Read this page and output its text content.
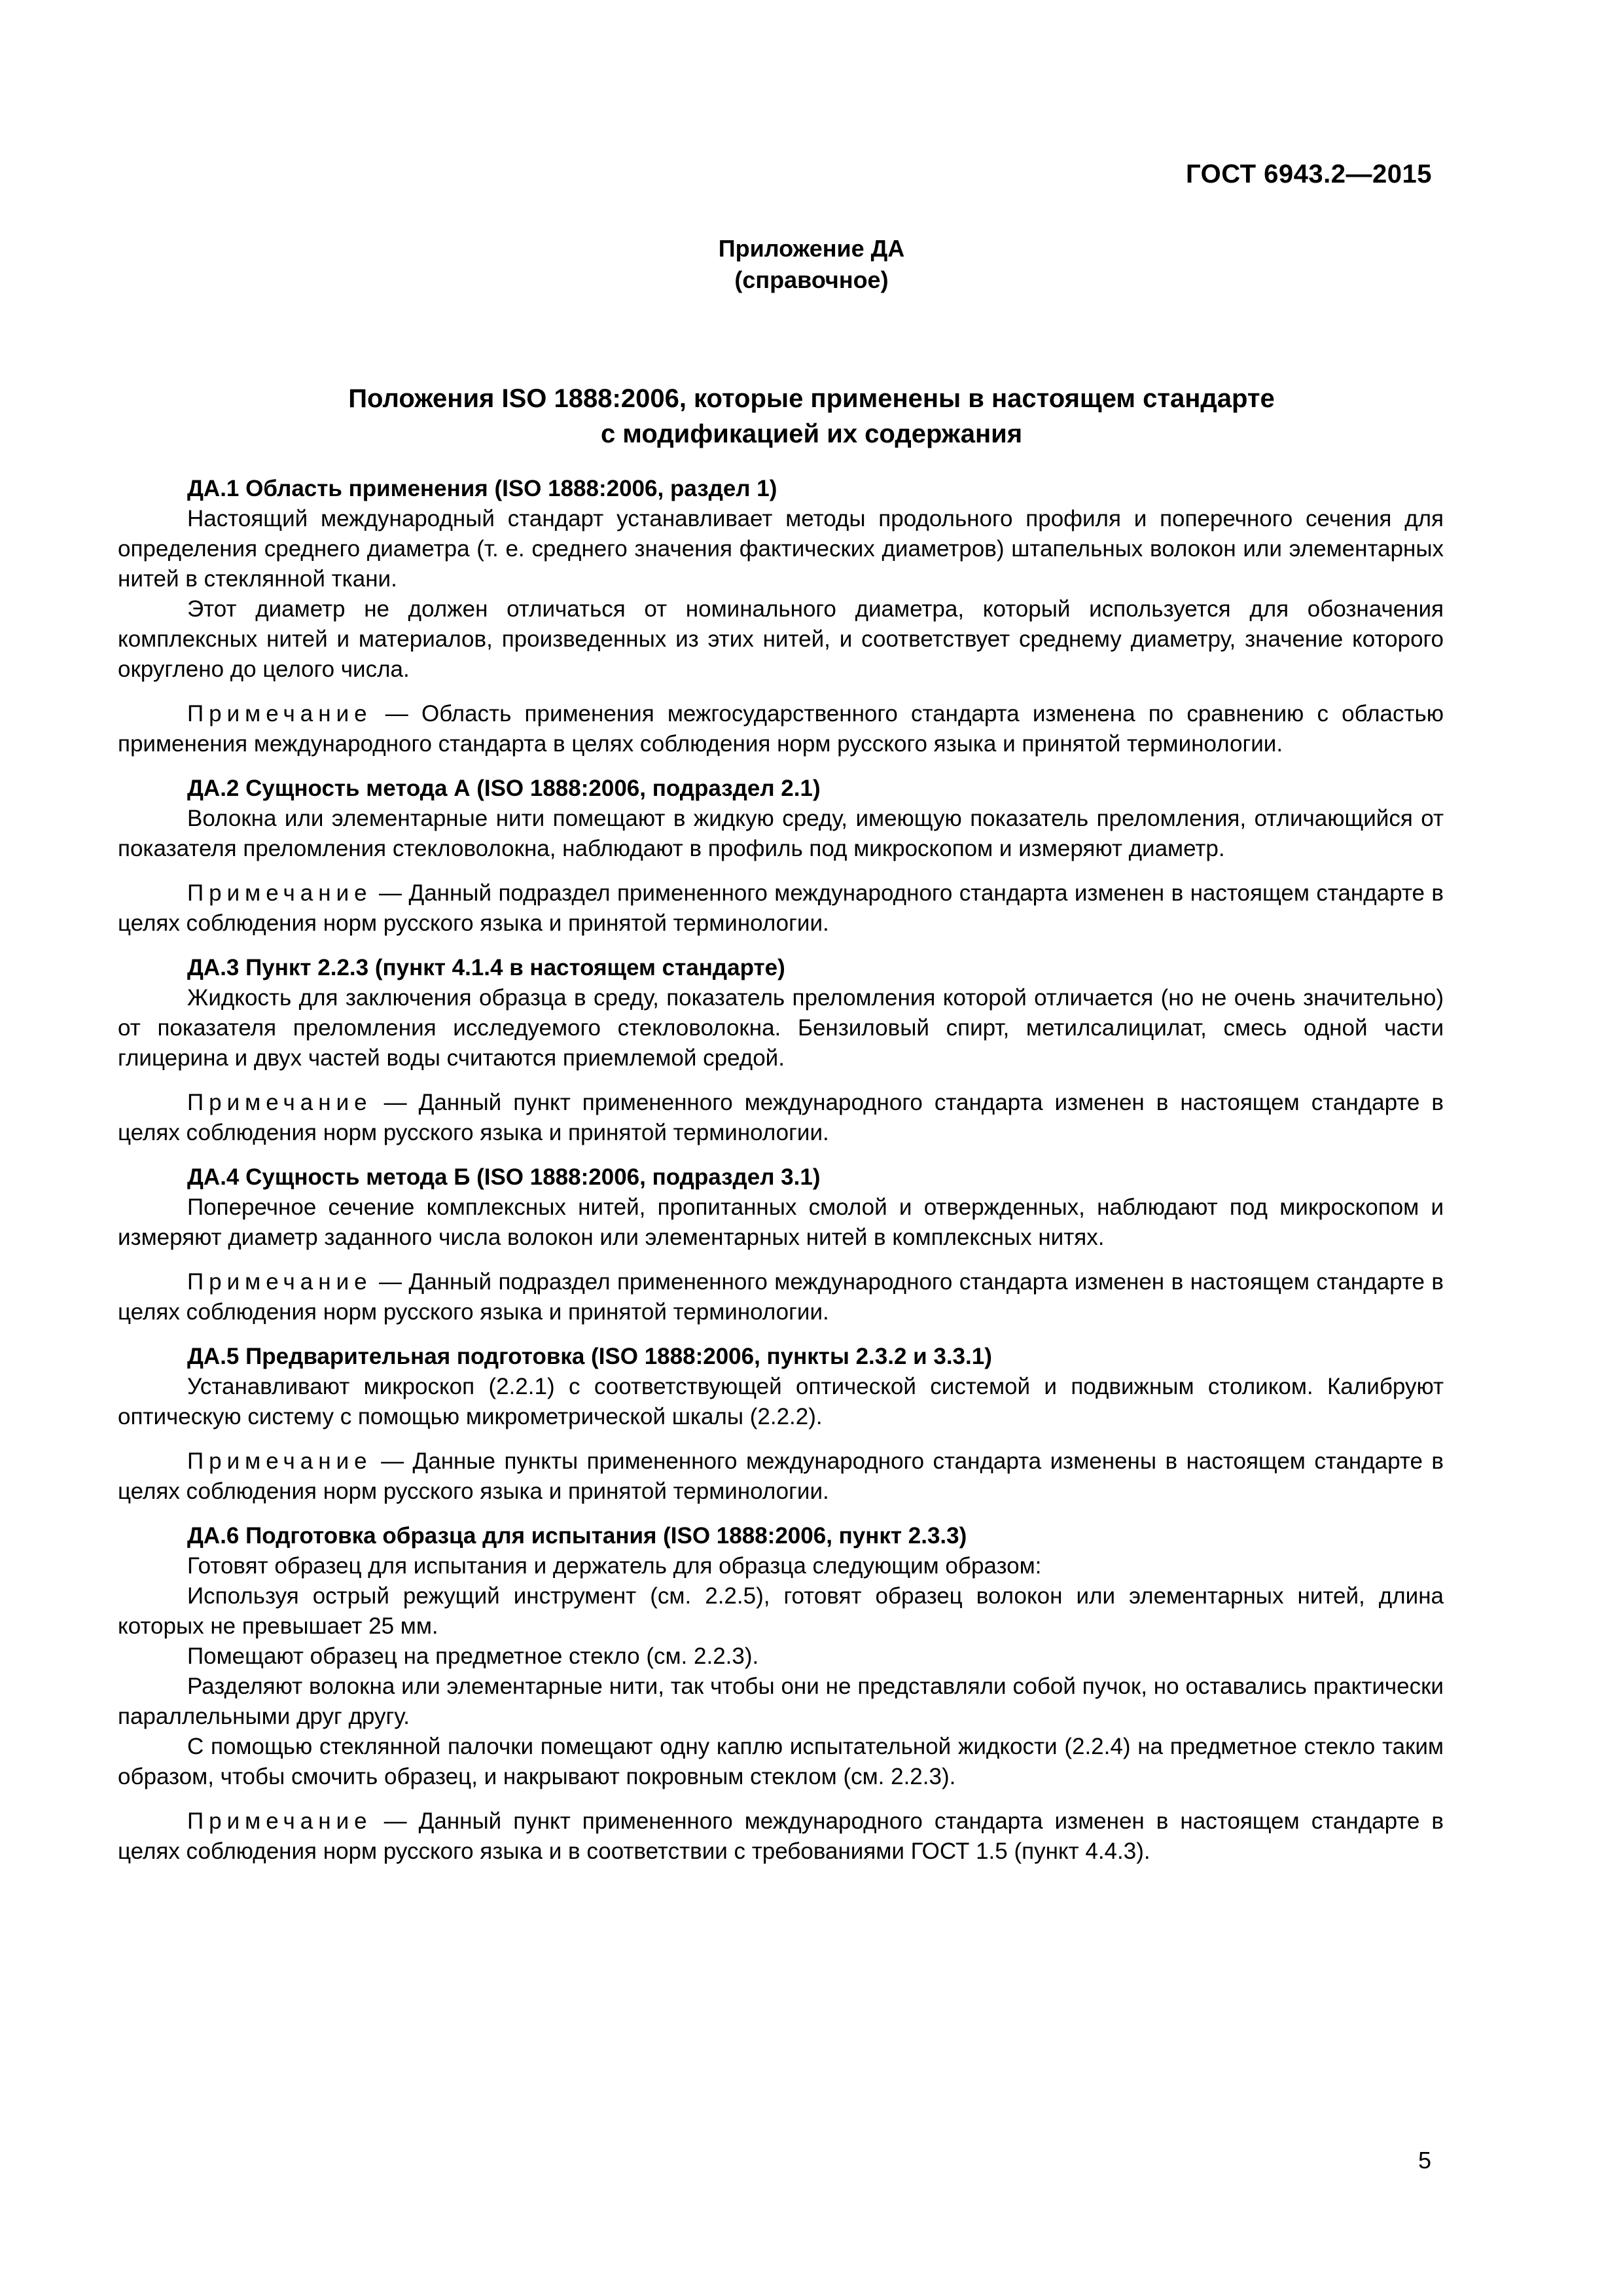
ГОСТ 6943.2—2015
Приложение ДА
(справочное)
Положения ISO 1888:2006, которые применены в настоящем стандарте
с модификацией их содержания
ДА.1 Область применения (ISO 1888:2006, раздел 1)

Настоящий международный стандарт устанавливает методы продольного профиля и поперечного сечения для определения среднего диаметра (т. е. среднего значения фактических диаметров) штапельных волокон или элементарных нитей в стеклянной ткани.

Этот диаметр не должен отличаться от номинального диаметра, который используется для обозначения комплексных нитей и материалов, произведенных из этих нитей, и соответствует среднему диаметру, значение которого округлено до целого числа.

Примечание — Область применения межгосударственного стандарта изменена по сравнению с областью применения международного стандарта в целях соблюдения норм русского языка и принятой терминологии.

ДА.2 Сущность метода А (ISO 1888:2006, подраздел 2.1)

Волокна или элементарные нити помещают в жидкую среду, имеющую показатель преломления, отличающийся от показателя преломления стекловолокна, наблюдают в профиль под микроскопом и измеряют диаметр.

Примечание — Данный подраздел примененного международного стандарта изменен в настоящем стандарте в целях соблюдения норм русского языка и принятой терминологии.

ДА.3 Пункт 2.2.3 (пункт 4.1.4 в настоящем стандарте)

Жидкость для заключения образца в среду, показатель преломления которой отличается (но не очень значительно) от показателя преломления исследуемого стекловолокна. Бензиловый спирт, метилсалицилат, смесь одной части глицерина и двух частей воды считаются приемлемой средой.

Примечание — Данный пункт примененного международного стандарта изменен в настоящем стандарте в целях соблюдения норм русского языка и принятой терминологии.

ДА.4 Сущность метода Б (ISO 1888:2006, подраздел 3.1)

Поперечное сечение комплексных нитей, пропитанных смолой и отвержденных, наблюдают под микроскопом и измеряют диаметр заданного числа волокон или элементарных нитей в комплексных нитях.

Примечание — Данный подраздел примененного международного стандарта изменен в настоящем стандарте в целях соблюдения норм русского языка и принятой терминологии.

ДА.5 Предварительная подготовка (ISO 1888:2006, пункты 2.3.2 и 3.3.1)

Устанавливают микроскоп (2.2.1) с соответствующей оптической системой и подвижным столиком. Калибруют оптическую систему с помощью микрометрической шкалы (2.2.2).

Примечание — Данные пункты примененного международного стандарта изменены в настоящем стандарте в целях соблюдения норм русского языка и принятой терминологии.

ДА.6 Подготовка образца для испытания (ISO 1888:2006, пункт 2.3.3)

Готовят образец для испытания и держатель для образца следующим образом:

Используя острый режущий инструмент (см. 2.2.5), готовят образец волокон или элементарных нитей, длина которых не превышает 25 мм.

Помещают образец на предметное стекло (см. 2.2.3).

Разделяют волокна или элементарные нити, так чтобы они не представляли собой пучок, но оставались практически параллельными друг другу.

С помощью стеклянной палочки помещают одну каплю испытательной жидкости (2.2.4) на предметное стекло таким образом, чтобы смочить образец, и накрывают покровным стеклом (см. 2.2.3).

Примечание — Данный пункт примененного международного стандарта изменен в настоящем стандарте в целях соблюдения норм русского языка и в соответствии с требованиями ГОСТ 1.5 (пункт 4.4.3).

5
